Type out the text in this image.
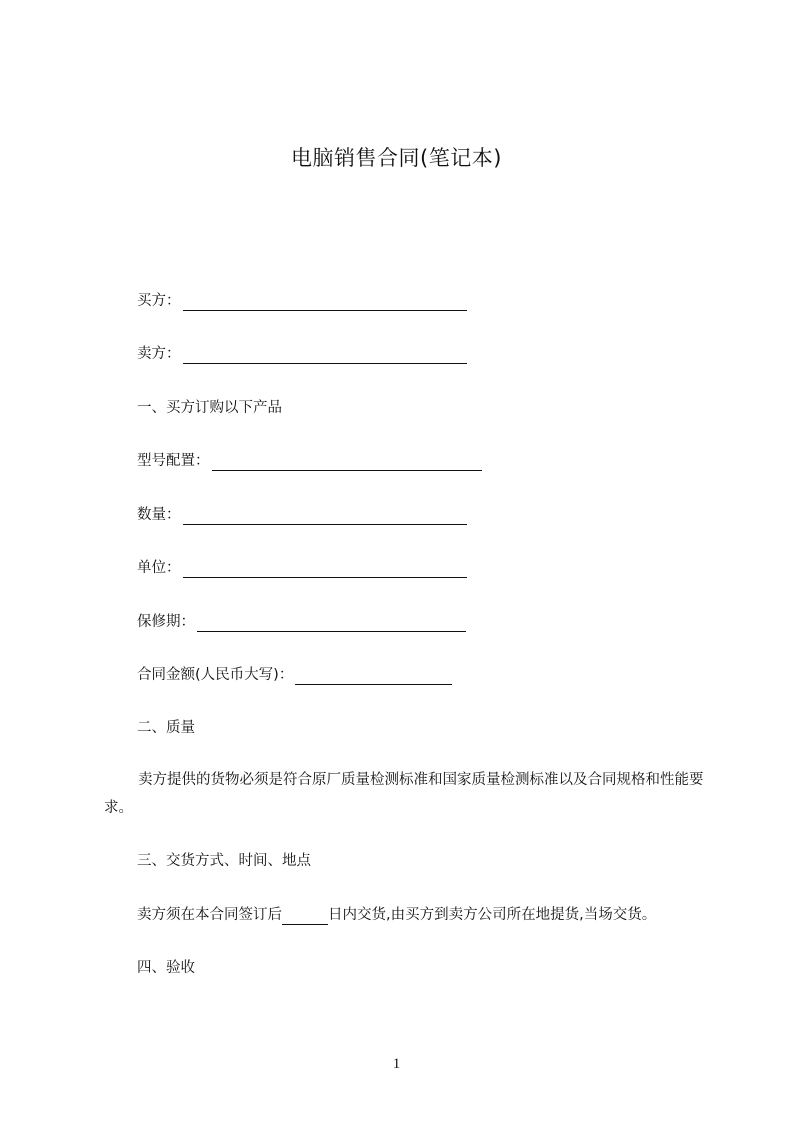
电脑销售合同(笔记本)
买方：
卖方：
一、买方订购以下产品
型号配置：
数量：
单位：
保修期：
合同金额(人民币大写)：
二、质量
卖方提供的货物必须是符合原厂质量检测标准和国家质量检测标准以及合同规格和性能要求。
三、交货方式、时间、地点
卖方须在本合同签订后	日内交货,由买方到卖方公司所在地提货,当场交货。
四、验收
1
